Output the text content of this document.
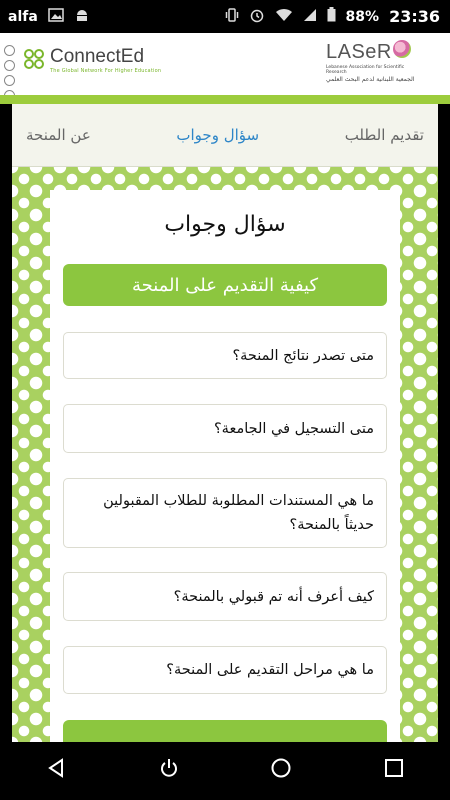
alfa	88% 23:36
ConnectEd
The Global Network For Higher Education
LASeR
Lebanese Association for Scientific Research
الجمعية اللبنانية لدعم البحث العلمي
تقديم الطلب
سؤال وجواب
عن المنحة
سؤال وجواب
كيفية التقديم على المنحة
متى تصدر نتائج المنحة؟
متى التسجيل في الجامعة؟
ما هي المستندات المطلوبة للطلاب المقبولين حديثاً بالمنحة؟
كيف أعرف أنه تم قبولي بالمنحة؟
ما هي مراحل التقديم على المنحة؟
